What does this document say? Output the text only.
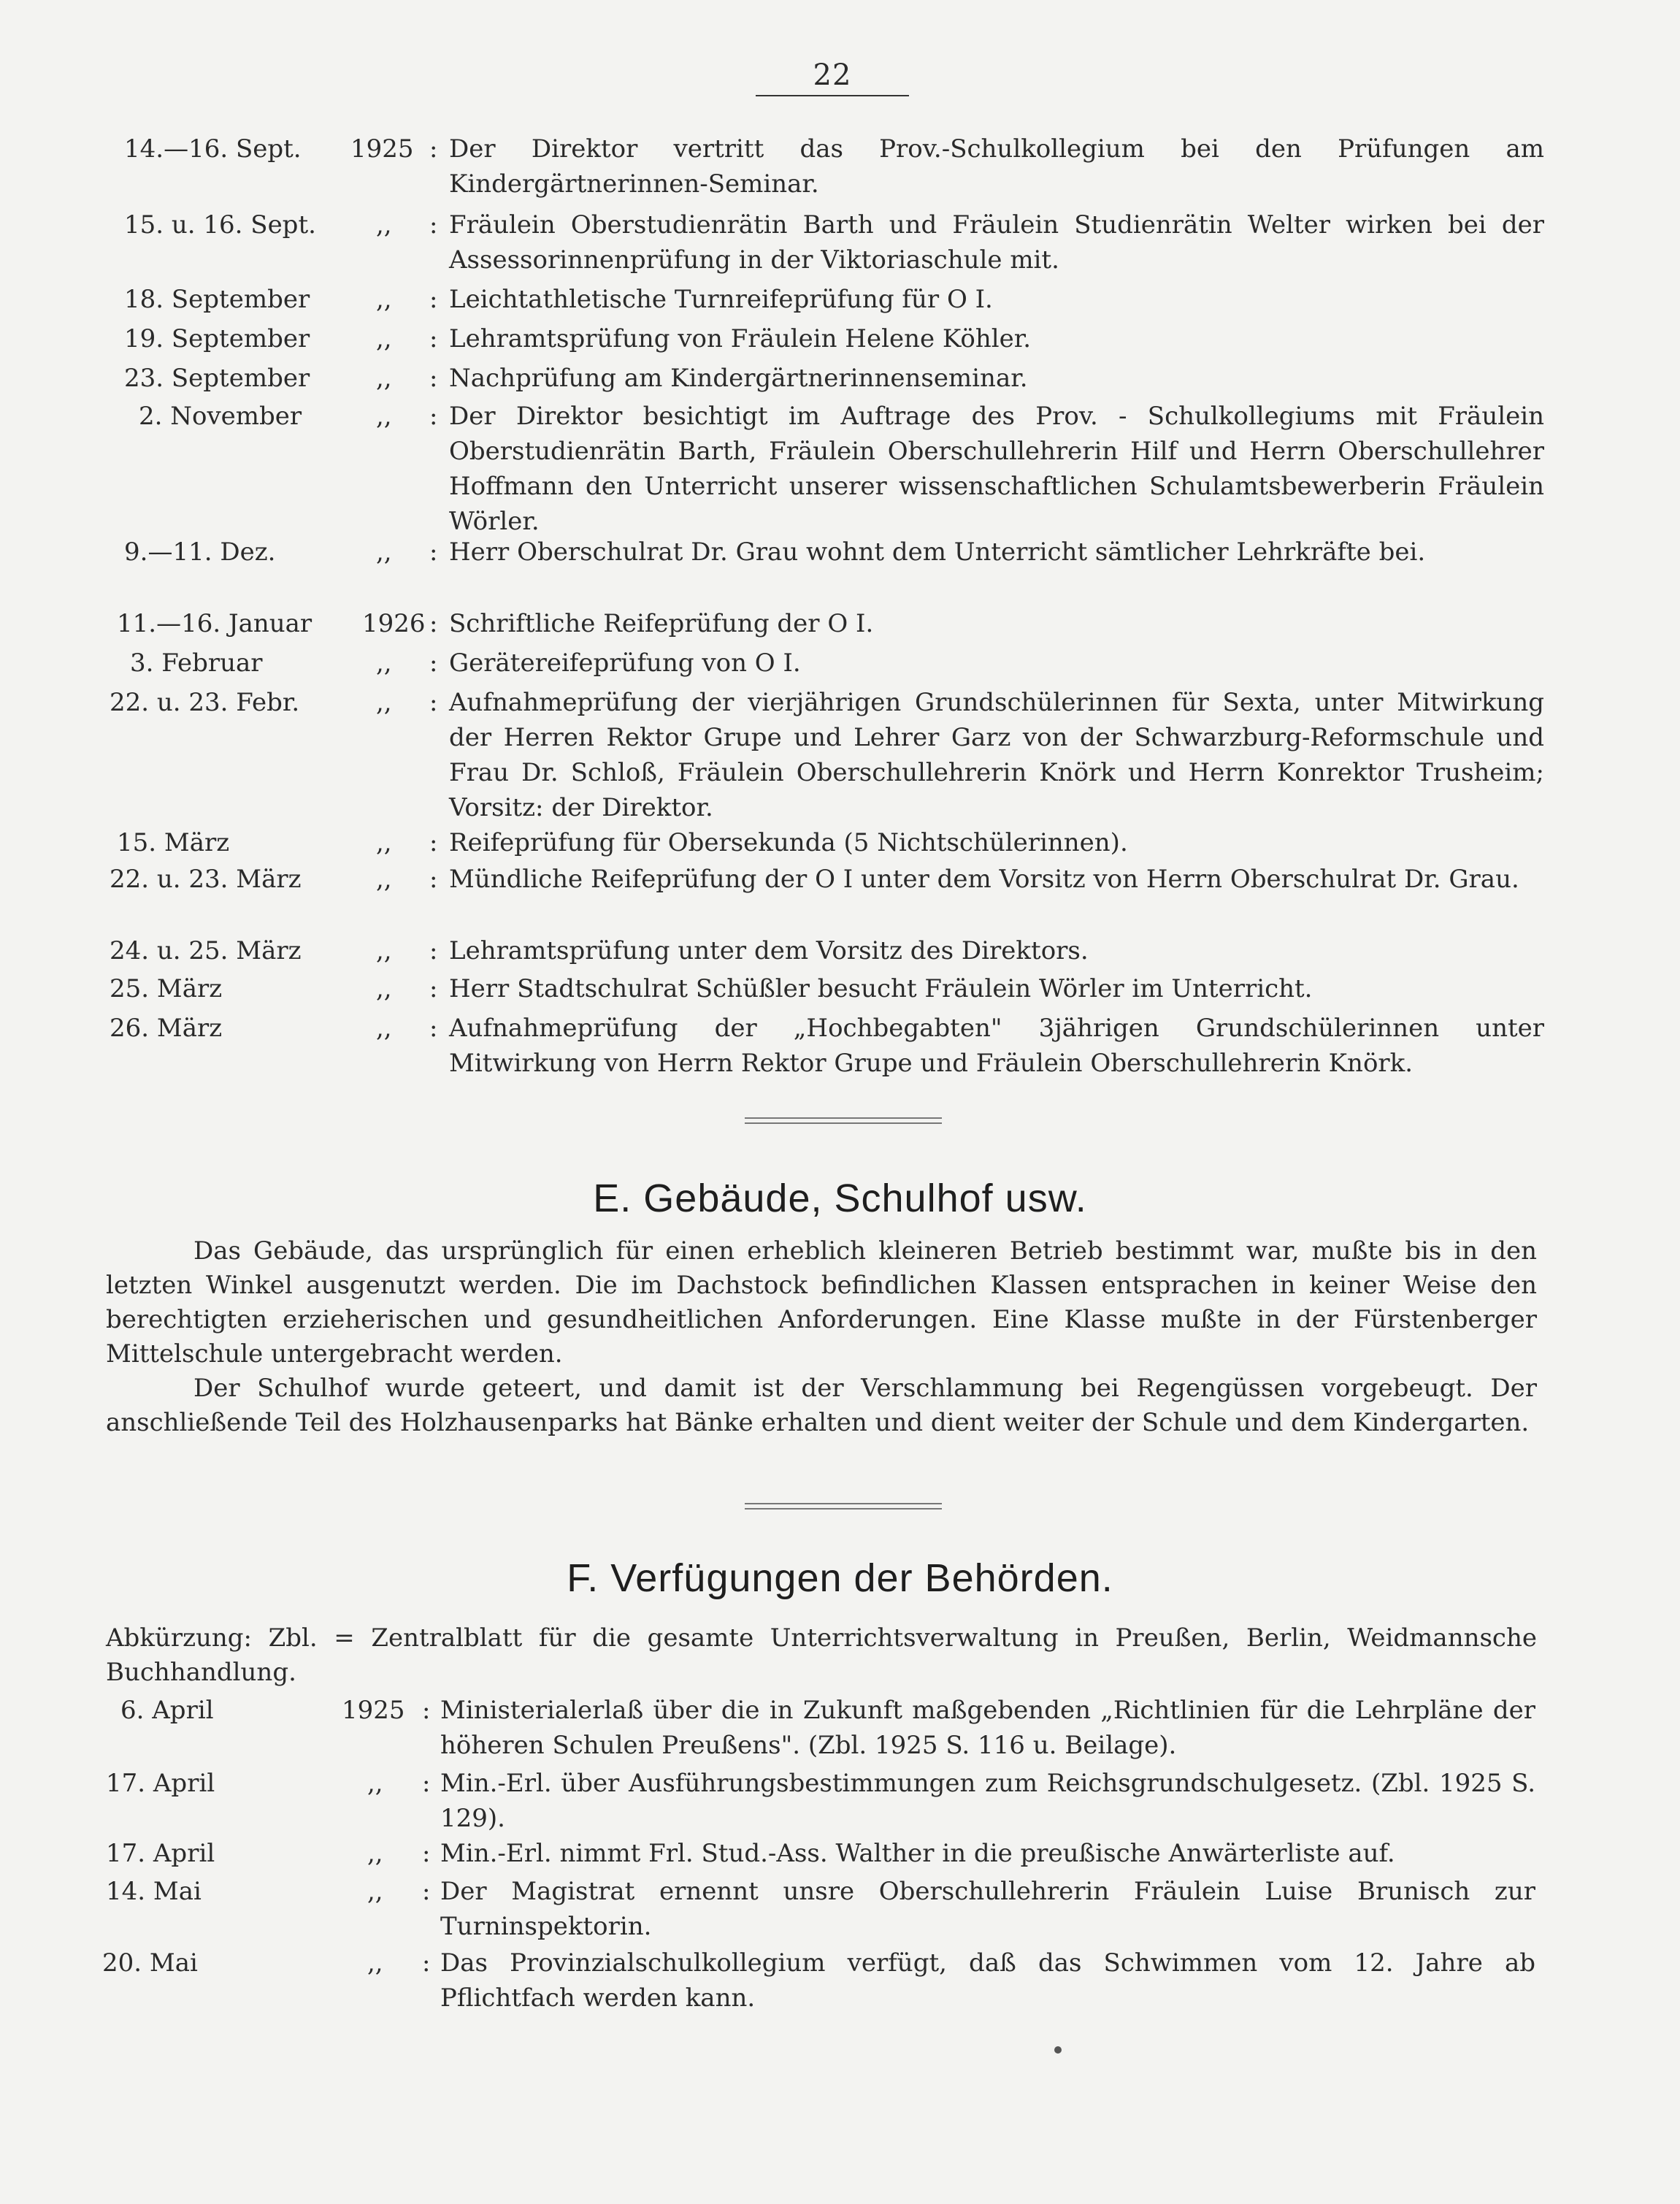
22
14.—16. Sept. 1925 : Der Direktor vertritt das Prov.-Schulkollegium bei den Prüfungen am Kindergärtnerinnen-Seminar.
15. u. 16. Sept. ,, : Fräulein Oberstudienrätin Barth und Fräulein Studienrätin Welter wirken bei der Assessorinnenprüfung in der Viktoriaschule mit.
18. September	,, : Leichtathletische Turnreifeprüfung für O I.
19. September	,, : Lehramtsprüfung von Fräulein Helene Köhler.
23. September	,, : Nachprüfung am Kindergärtnerinnenseminar.
2. November	,, : Der Direktor besichtigt im Auftrage des Prov. - Schulkollegiums mit Fräulein Oberstudienrätin Barth, Fräulein Oberschullehrerin Hilf und Herrn Oberschullehrer Hoffmann den Unterricht unserer wissenschaftlichen Schulamtsbewerberin Fräulein Wörler.
9.—11. Dez.	,, : Herr Oberschulrat Dr. Grau wohnt dem Unterricht sämtlicher Lehrkräfte bei.
11.—16. Januar 1926 : Schriftliche Reifeprüfung der O I.
3. Februar	,, : Gerätereifeprüfung von O I.
22. u. 23. Febr.	,, : Aufnahmeprüfung der vierjährigen Grundschülerinnen für Sexta, unter Mitwirkung der Herren Rektor Grupe und Lehrer Garz von der Schwarzburg-Reformschule und Frau Dr. Schloß, Fräulein Oberschullehrerin Knörk und Herrn Konrektor Trusheim; Vorsitz: der Direktor.
15. März	,, : Reifeprüfung für Obersekunda (5 Nichtschülerinnen).
22. u. 23. März	,, : Mündliche Reifeprüfung der O I unter dem Vorsitz von Herrn Oberschulrat Dr. Grau.
24. u. 25. März	,, : Lehramtsprüfung unter dem Vorsitz des Direktors.
25. März	,, : Herr Stadtschulrat Schüßler besucht Fräulein Wörler im Unterricht.
26. März	,, : Aufnahmeprüfung der „Hochbegabten" 3jährigen Grundschülerinnen unter Mitwirkung von Herrn Rektor Grupe und Fräulein Oberschullehrerin Knörk.
E. Gebäude, Schulhof usw.

Das Gebäude, das ursprünglich für einen erheblich kleineren Betrieb bestimmt war, mußte bis in den letzten Winkel ausgenutzt werden. Die im Dachstock befindlichen Klassen entsprachen in keiner Weise den berechtigten erzieherischen und gesundheitlichen Anforderungen. Eine Klasse mußte in der Fürstenberger Mittelschule untergebracht werden.

Der Schulhof wurde geteert, und damit ist der Verschlammung bei Regengüssen vorgebeugt. Der anschließende Teil des Holzhausenparks hat Bänke erhalten und dient weiter der Schule und dem Kindergarten.

F. Verfügungen der Behörden.

Abkürzung: Zbl. = Zentralblatt für die gesamte Unterrichtsverwaltung in Preußen, Berlin, Weidmannsche Buchhandlung.

6. April	1925 : Ministerialerlaß über die in Zukunft maßgebenden „Richtlinien für die Lehrpläne der höheren Schulen Preußens". (Zbl. 1925 S. 116 u. Beilage).
17. April	,, : Min.-Erl. über Ausführungsbestimmungen zum Reichsgrundschulgesetz. (Zbl. 1925 S. 129).
17. April	,, : Min.-Erl. nimmt Frl. Stud.-Ass. Walther in die preußische Anwärterliste auf.
14. Mai	,, : Der Magistrat ernennt unsre Oberschullehrerin Fräulein Luise Brunisch zur Turninspektorin.
20. Mai	,, : Das Provinzialschulkollegium verfügt, daß das Schwimmen vom 12. Jahre ab Pflichtfach werden kann.
